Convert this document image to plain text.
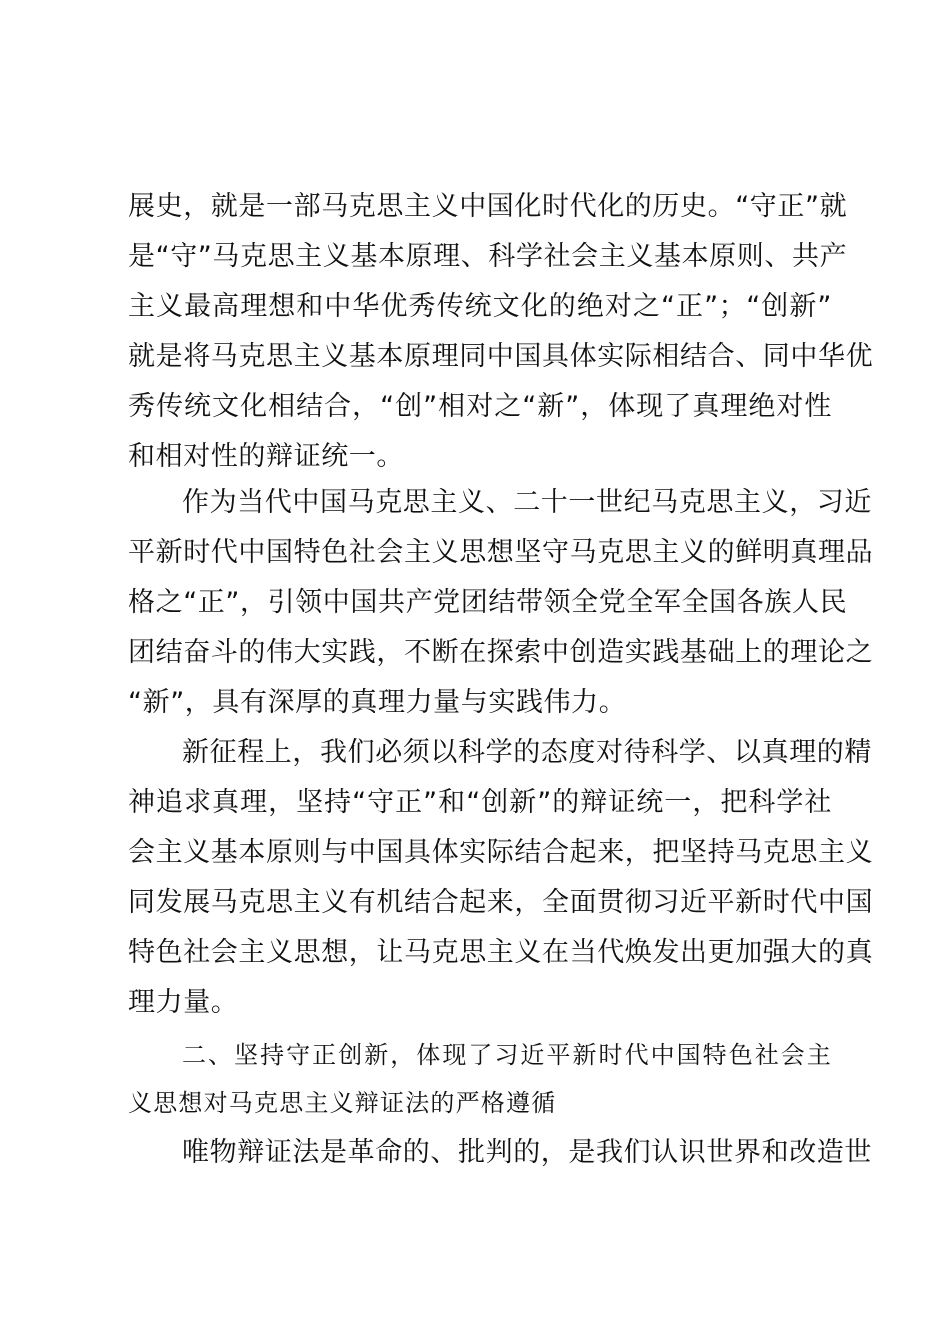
展史，就是一部马克思主义中国化时代化的历史。“守正”就
是“守”马克思主义基本原理、科学社会主义基本原则、共产
主义最高理想和中华优秀传统文化的绝对之“正”；“创新”
就是将马克思主义基本原理同中国具体实际相结合、同中华优
秀传统文化相结合，“创”相对之“新”，体现了真理绝对性
和相对性的辩证统一。
作为当代中国马克思主义、二十一世纪马克思主义，习近
平新时代中国特色社会主义思想坚守马克思主义的鲜明真理品
格之“正”，引领中国共产党团结带领全党全军全国各族人民
团结奋斗的伟大实践，不断在探索中创造实践基础上的理论之
“新”，具有深厚的真理力量与实践伟力。
新征程上，我们必须以科学的态度对待科学、以真理的精
神追求真理，坚持“守正”和“创新”的辩证统一，把科学社
会主义基本原则与中国具体实际结合起来，把坚持马克思主义
同发展马克思主义有机结合起来，全面贯彻习近平新时代中国
特色社会主义思想，让马克思主义在当代焕发出更加强大的真
理力量。
二、坚持守正创新，体现了习近平新时代中国特色社会主
义思想对马克思主义辩证法的严格遵循
唯物辩证法是革命的、批判的，是我们认识世界和改造世
